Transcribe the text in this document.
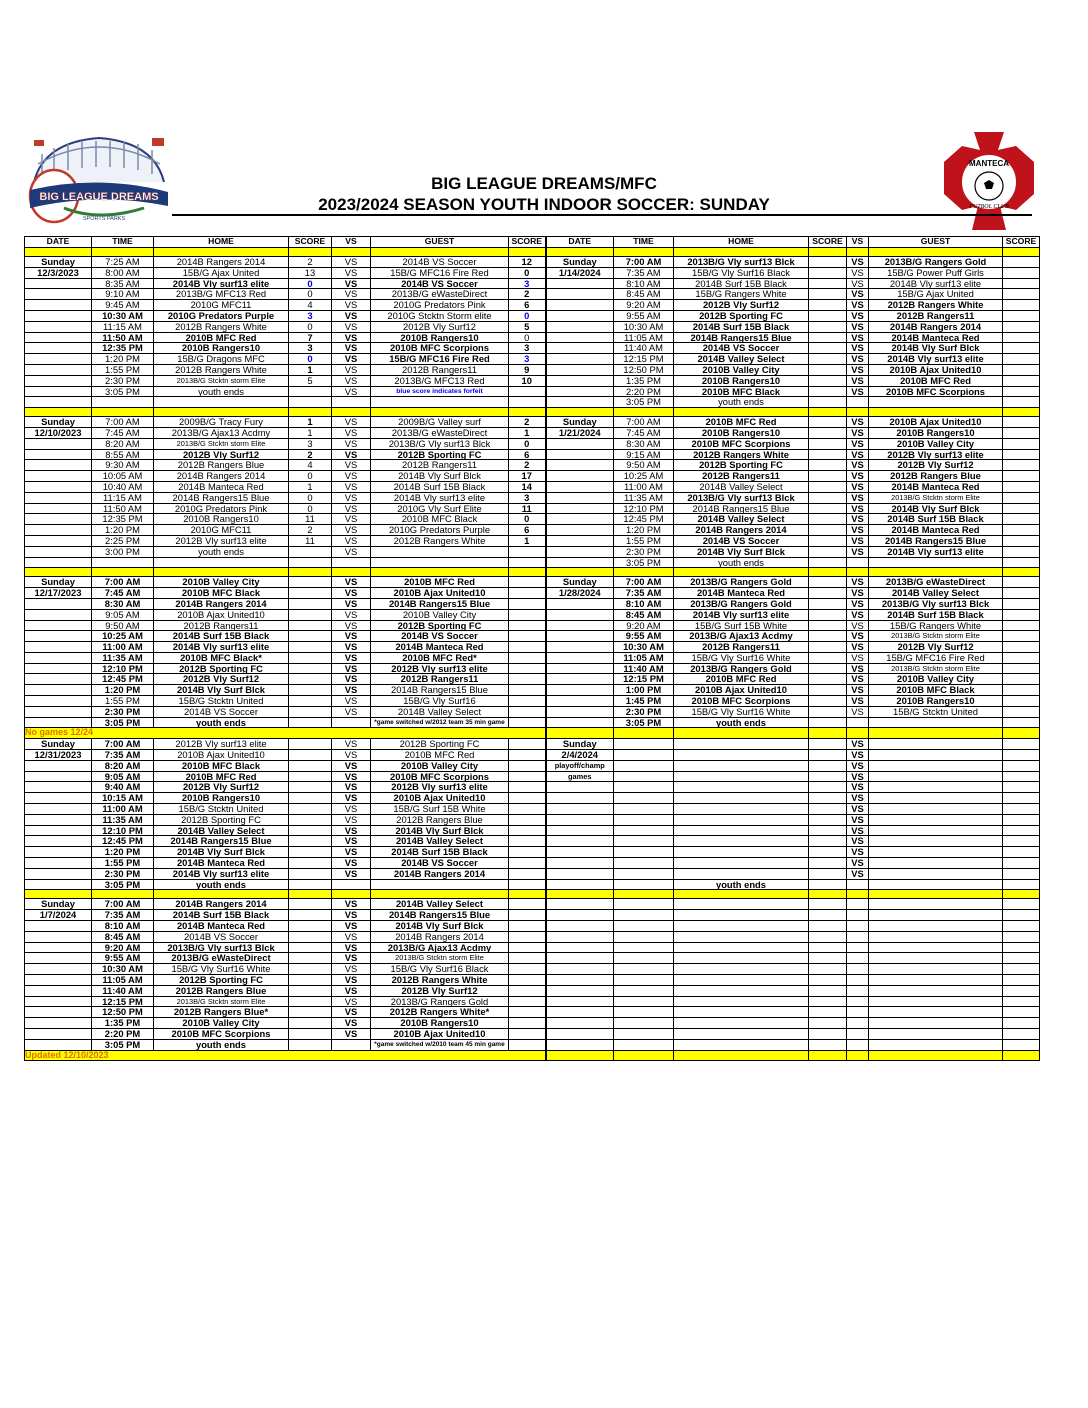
BIG LEAGUE DREAMS
SPORTS PARKS
MANTECA
FUTBOL CLUB
BIG LEAGUE DREAMS/MFC
2023/2024 SEASON YOUTH INDOOR SOCCER: SUNDAY
DATE	TIME	HOME	SCORE	VS	GUEST	SCORE	DATE	TIME	HOME	SCORE	VS	GUEST	SCORE

Sunday	7:25 AM	2014B Rangers 2014	2	VS	2014B VS Soccer	12	Sunday	7:00 AM	2013B/G Vly surf13 Blck		VS	2013B/G Rangers Gold	
12/3/2023	8:00 AM	15B/G Ajax United	13	VS	15B/G MFC16 Fire Red	0	1/14/2024	7:35 AM	15B/G Vly Surf16 Black		VS	15B/G Power Puff Girls	
	8:35 AM	2014B Vly surf13 elite	0	VS	2014B VS Soccer	3		8:10 AM	2014B Surf 15B Black		VS	2014B Vly surf13 elite	
	9:10 AM	2013B/G MFC13 Red	0	VS	2013B/G eWasteDirect	2		8:45 AM	15B/G Rangers White		VS	15B/G Ajax United	
	9:45 AM	2010G MFC11	4	VS	2010G Predators Pink	6		9:20 AM	2012B Vly Surf12		VS	2012B Rangers White	
	10:30 AM	2010G Predators Purple	3	VS	2010G Stcktn Storm elite	0		9:55 AM	2012B Sporting FC		VS	2012B Rangers11	
	11:15 AM	2012B Rangers White	0	VS	2012B Vly Surf12	5		10:30 AM	2014B Surf 15B Black		VS	2014B Rangers 2014	
	11:50 AM	2010B MFC Red	7	VS	2010B Rangers10	0		11:05 AM	2014B Rangers15 Blue		VS	2014B Manteca Red	
	12:35 PM	2010B Rangers10	3	VS	2010B MFC Scorpions	3		11:40 AM	2014B VS Soccer		VS	2014B Vly Surf Blck	
	1:20 PM	15B/G Dragons MFC	0	VS	15B/G MFC16 Fire Red	3		12:15 PM	2014B Valley Select		VS	2014B Vly surf13 elite	
	1:55 PM	2012B Rangers White	1	VS	2012B Rangers11	9		12:50 PM	2010B Valley City		VS	2010B Ajax United10	
	2:30 PM	2013B/G Stcktn storm Elite	5	VS	2013B/G MFC13 Red	10		1:35 PM	2010B Rangers10		VS	2010B MFC Red	
	3:05 PM	youth ends		VS	blue score indicates forfeit			2:20 PM	2010B MFC Black		VS	2010B MFC Scorpions	
								3:05 PM	youth ends				

Sunday	7:00 AM	2009B/G Tracy Fury	1	VS	2009B/G Valley surf	2	Sunday	7:00 AM	2010B MFC Red		VS	2010B Ajax United10	
12/10/2023	7:45 AM	2013B/G Ajax13 Acdmy	1	VS	2013B/G eWasteDirect	1	1/21/2024	7:45 AM	2010B Rangers10		VS	2010B Rangers10	
	8:20 AM	2013B/G Stcktn storm Elite	3	VS	2013B/G Vly surf13 Blck	0		8:30 AM	2010B MFC Scorpions		VS	2010B Valley City	
	8:55 AM	2012B Vly Surf12	2	VS	2012B Sporting FC	6		9:15 AM	2012B Rangers White		VS	2012B Vly surf13 elite	
	9:30 AM	2012B Rangers Blue	4	VS	2012B Rangers11	2		9:50 AM	2012B Sporting FC		VS	2012B Vly Surf12	
	10:05 AM	2014B Rangers 2014	0	VS	2014B Vly Surf Blck	17		10:25 AM	2012B Rangers11		VS	2012B Rangers Blue	
	10:40 AM	2014B Manteca Red	1	VS	2014B Surf 15B Black	14		11:00 AM	2014B Valley Select		VS	2014B Manteca Red	
	11:15 AM	2014B Rangers15 Blue	0	VS	2014B Vly surf13 elite	3		11:35 AM	2013B/G Vly surf13 Blck		VS	2013B/G Stcktn storm Elite	
	11:50 AM	2010G Predators Pink	0	VS	2010G Vly Surf Elite	11		12:10 PM	2014B Rangers15 Blue		VS	2014B Vly Surf Blck	
	12:35 PM	2010B Rangers10	11	VS	2010B MFC Black	0		12:45 PM	2014B Valley Select		VS	2014B Surf 15B Black	
	1:20 PM	2010G MFC11	2	VS	2010G Predators Purple	6		1:20 PM	2014B Rangers 2014		VS	2014B Manteca Red	
	2:25 PM	2012B Vly surf13 elite	11	VS	2012B Rangers White	1		1:55 PM	2014B VS Soccer		VS	2014B Rangers15 Blue	
	3:00 PM	youth ends		VS				2:30 PM	2014B Vly Surf Blck		VS	2014B Vly surf13 elite	
								3:05 PM	youth ends				

Sunday	7:00 AM	2010B Valley City		VS	2010B MFC Red		Sunday	7:00 AM	2013B/G Rangers Gold		VS	2013B/G eWasteDirect	
12/17/2023	7:45 AM	2010B MFC Black		VS	2010B Ajax United10		1/28/2024	7:35 AM	2014B Manteca Red		VS	2014B Valley Select	
	8:30 AM	2014B Rangers 2014		VS	2014B Rangers15 Blue			8:10 AM	2013B/G Rangers Gold		VS	2013B/G Vly surf13 Blck	
	9:05 AM	2010B Ajax United10		VS	2010B Valley City			8:45 AM	2014B Vly surf13 elite		VS	2014B Surf 15B Black	
	9:50 AM	2012B Rangers11		VS	2012B Sporting FC			9:20 AM	15B/G Surf 15B White		VS	15B/G Rangers White	
	10:25 AM	2014B Surf 15B Black		VS	2014B VS Soccer			9:55 AM	2013B/G Ajax13 Acdmy		VS	2013B/G Stcktn storm Elite	
	11:00 AM	2014B Vly surf13 elite		VS	2014B Manteca Red			10:30 AM	2012B Rangers11		VS	2012B Vly Surf12	
	11:35 AM	2010B MFC Black*		VS	2010B MFC Red*			11:05 AM	15B/G Vly Surf16 White		VS	15B/G MFC16 Fire Red	
	12:10 PM	2012B Sporting FC		VS	2012B Vly surf13 elite			11:40 AM	2013B/G Rangers Gold		VS	2013B/G Stcktn storm Elite	
	12:45 PM	2012B Vly Surf12		VS	2012B Rangers11			12:15 PM	2010B MFC Red		VS	2010B Valley City	
	1:20 PM	2014B Vly Surf Blck		VS	2014B Rangers15 Blue			1:00 PM	2010B Ajax United10		VS	2010B MFC Black	
	1:55 PM	15B/G Stcktn United		VS	15B/G Vly Surf16			1:45 PM	2010B MFC Scorpions		VS	2010B Rangers10	
	2:30 PM	2014B VS Soccer		VS	2014B Valley Select			2:30 PM	15B/G Vly Surf16 White		VS	15B/G Stcktn United	
	3:05 PM	youth ends			*game switched w/2012 team 35 min game			3:05 PM	youth ends				
No games 12/24													
Sunday	7:00 AM	2012B Vly surf13 elite		VS	2012B Sporting FC		Sunday				VS		
12/31/2023	7:35 AM	2010B Ajax United10		VS	2010B MFC Red		2/4/2024				VS		
	8:20 AM	2010B MFC Black		VS	2010B Valley City		playoff/champ				VS		
	9:05 AM	2010B MFC Red		VS	2010B MFC Scorpions		games				VS		
	9:40 AM	2012B Vly Surf12		VS	2012B Vly surf13 elite						VS		
	10:15 AM	2010B Rangers10		VS	2010B Ajax United10						VS		
	11:00 AM	15B/G Stcktn United		VS	15B/G Surf 15B White						VS		
	11:35 AM	2012B Sporting FC		VS	2012B Rangers Blue						VS		
	12:10 PM	2014B Valley Select		VS	2014B Vly Surf Blck						VS		
	12:45 PM	2014B Rangers15 Blue		VS	2014B Valley Select						VS		
	1:20 PM	2014B Vly Surf Blck		VS	2014B Surf 15B Black						VS		
	1:55 PM	2014B Manteca Red		VS	2014B VS Soccer						VS		
	2:30 PM	2014B Vly surf13 elite		VS	2014B Rangers 2014						VS		
	3:05 PM	youth ends							youth ends				

Sunday	7:00 AM	2014B Rangers 2014		VS	2014B Valley Select								
1/7/2024	7:35 AM	2014B Surf 15B Black		VS	2014B Rangers15 Blue								
	8:10 AM	2014B Manteca Red		VS	2014B Vly Surf Blck								
	8:45 AM	2014B VS Soccer		VS	2014B Rangers 2014								
	9:20 AM	2013B/G Vly surf13 Blck		VS	2013B/G Ajax13 Acdmy								
	9:55 AM	2013B/G eWasteDirect		VS	2013B/G Stcktn storm Elite								
	10:30 AM	15B/G Vly Surf16 White		VS	15B/G Vly Surf16 Black								
	11:05 AM	2012B Sporting FC		VS	2012B Rangers White								
	11:40 AM	2012B Rangers Blue		VS	2012B Vly Surf12								
	12:15 PM	2013B/G Stcktn storm Elite		VS	2013B/G Rangers Gold								
	12:50 PM	2012B Rangers Blue*		VS	2012B Rangers White*								
	1:35 PM	2010B Valley City		VS	2010B Rangers10								
	2:20 PM	2010B MFC Scorpions		VS	2010B Ajax United10								
	3:05 PM	youth ends			*game switched w/2010 team 45 min game								
Updated 12/10/2023													
